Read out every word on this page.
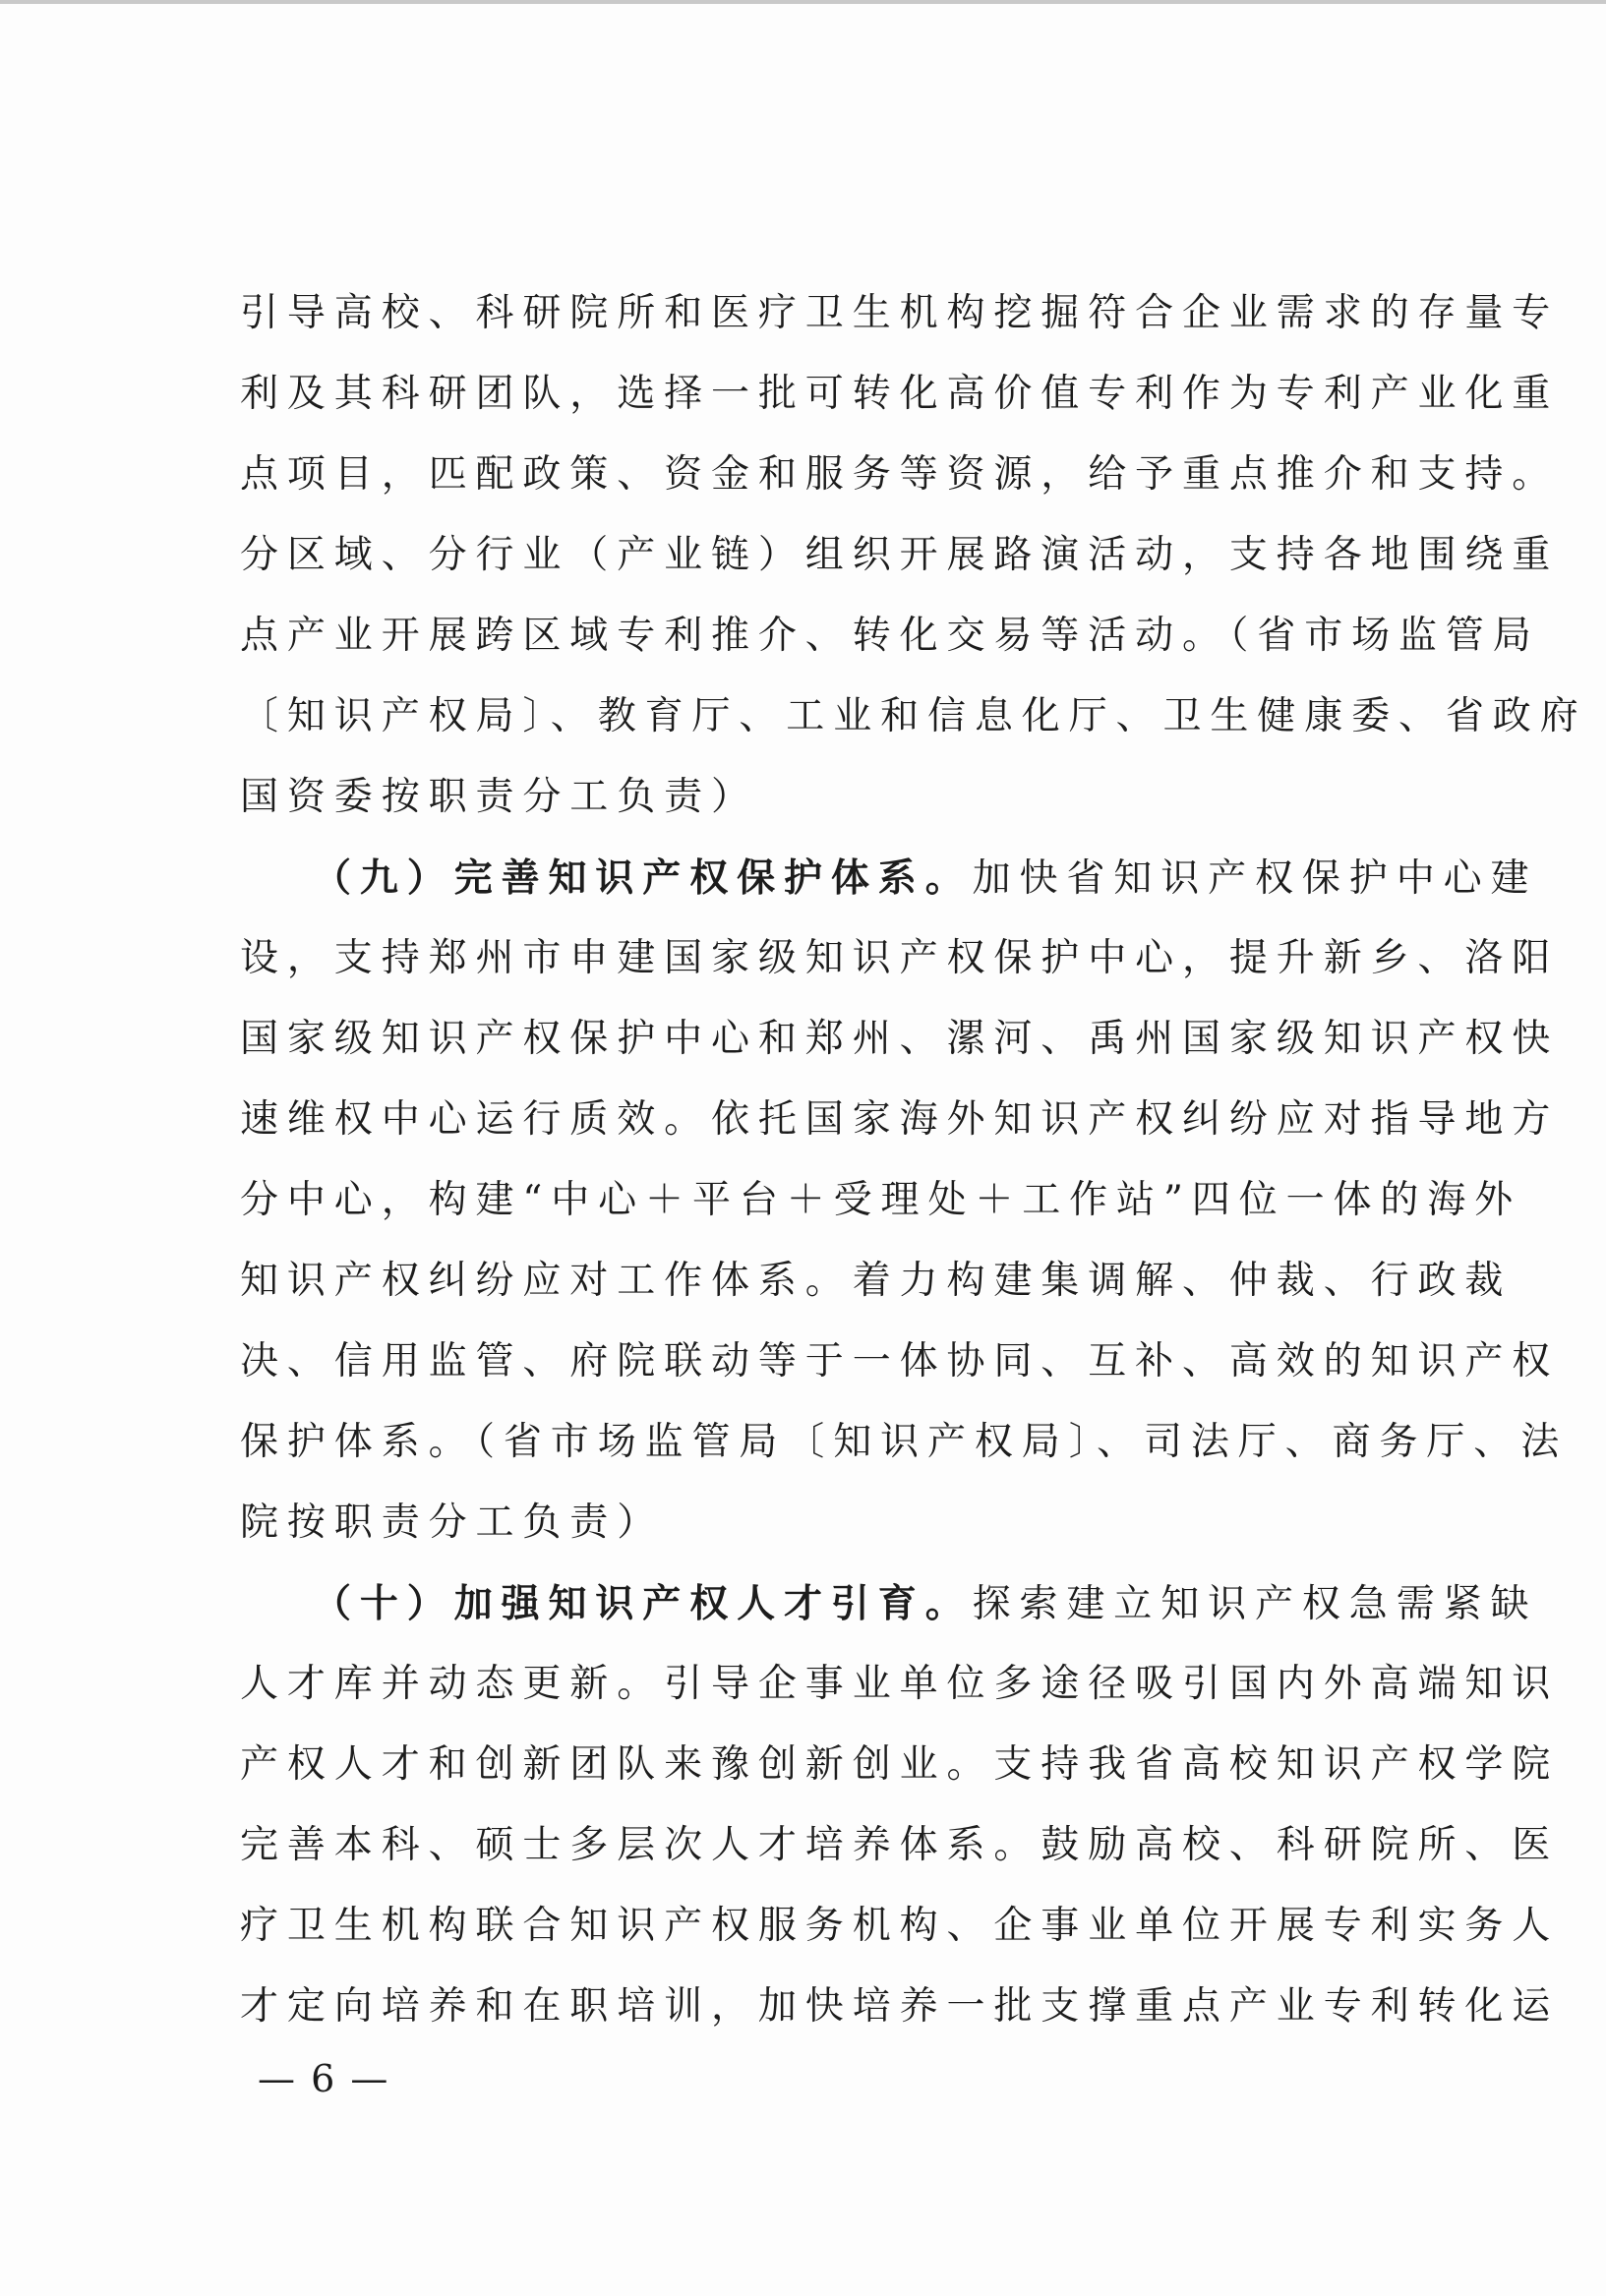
引导高校、科研院所和医疗卫生机构挖掘符合企业需求的存量专
利及其科研团队，选择一批可转化高价值专利作为专利产业化重
点项目，匹配政策、资金和服务等资源，给予重点推介和支持。
分区域、分行业（产业链）组织开展路演活动，支持各地围绕重
点产业开展跨区域专利推介、转化交易等活动。（省市场监管局
〔知识产权局〕、教育厅、工业和信息化厅、卫生健康委、省政府
国资委按职责分工负责）
（九）完善知识产权保护体系。加快省知识产权保护中心建
设，支持郑州市申建国家级知识产权保护中心，提升新乡、洛阳
国家级知识产权保护中心和郑州、漯河、禹州国家级知识产权快
速维权中心运行质效。依托国家海外知识产权纠纷应对指导地方
分中心，构建“中心＋平台＋受理处＋工作站”四位一体的海外
知识产权纠纷应对工作体系。着力构建集调解、仲裁、行政裁
决、信用监管、府院联动等于一体协同、互补、高效的知识产权
保护体系。（省市场监管局〔知识产权局〕、司法厅、商务厅、法
院按职责分工负责）
（十）加强知识产权人才引育。探索建立知识产权急需紧缺
人才库并动态更新。引导企事业单位多途径吸引国内外高端知识
产权人才和创新团队来豫创新创业。支持我省高校知识产权学院
完善本科、硕士多层次人才培养体系。鼓励高校、科研院所、医
疗卫生机构联合知识产权服务机构、企事业单位开展专利实务人
才定向培养和在职培训，加快培养一批支撑重点产业专利转化运
— 6 —
